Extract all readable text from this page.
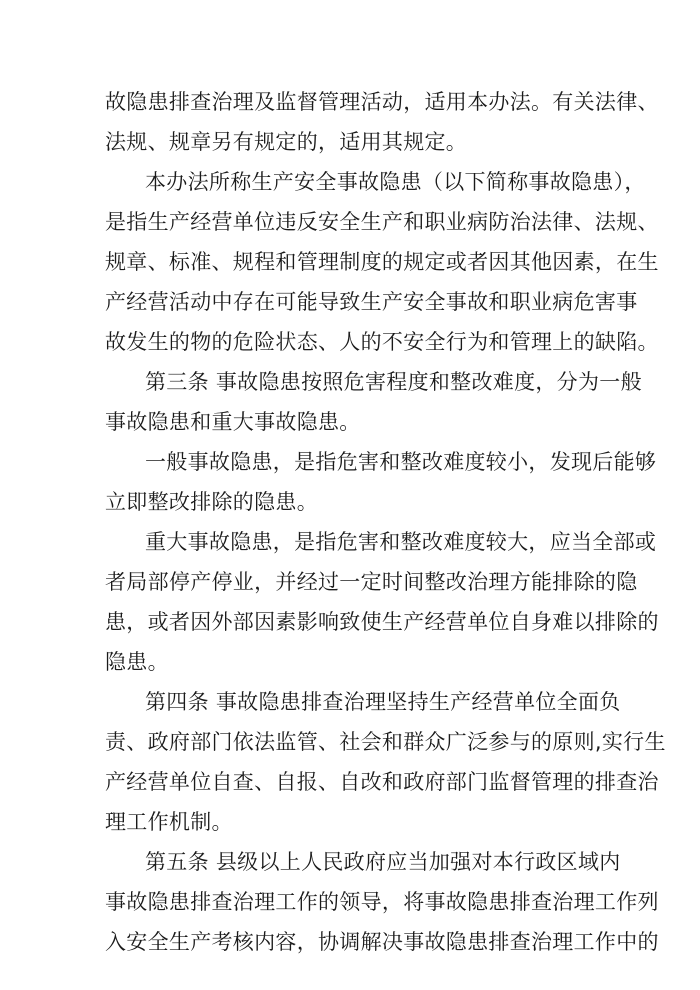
故隐患排查治理及监督管理活动，适用本办法。有关法律、

法规、规章另有规定的，适用其规定。

本办法所称生产安全事故隐患（以下简称事故隐患），

是指生产经营单位违反安全生产和职业病防治法律、法规、

规章、标准、规程和管理制度的规定或者因其他因素，在生

产经营活动中存在可能导致生产安全事故和职业病危害事

故发生的物的危险状态、人的不安全行为和管理上的缺陷。

第三条 事故隐患按照危害程度和整改难度，分为一般

事故隐患和重大事故隐患。

一般事故隐患，是指危害和整改难度较小，发现后能够

立即整改排除的隐患。

重大事故隐患，是指危害和整改难度较大，应当全部或

者局部停产停业，并经过一定时间整改治理方能排除的隐

患，或者因外部因素影响致使生产经营单位自身难以排除的

隐患。

第四条 事故隐患排查治理坚持生产经营单位全面负

责、政府部门依法监管、社会和群众广泛参与的原则,实行生

产经营单位自查、自报、自改和政府部门监督管理的排查治

理工作机制。

第五条 县级以上人民政府应当加强对本行政区域内

事故隐患排查治理工作的领导，将事故隐患排查治理工作列

入安全生产考核内容，协调解决事故隐患排查治理工作中的
